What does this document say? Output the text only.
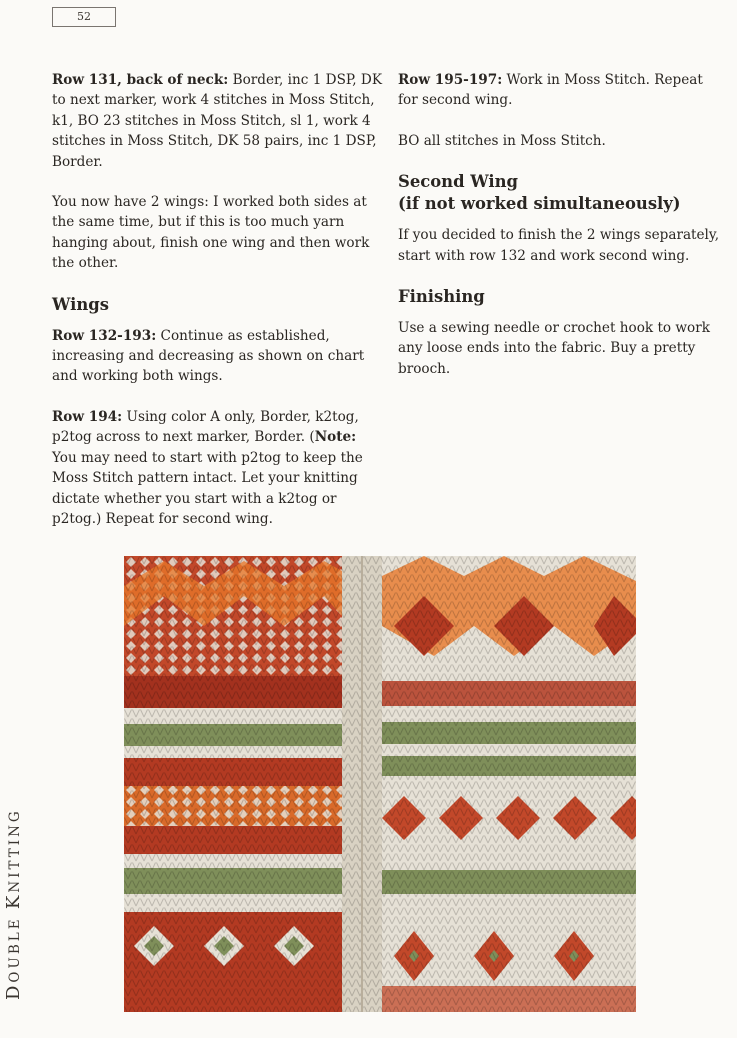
52

Row 131, back of neck: Border, inc 1 DSP, DK to next marker, work 4 stitches in Moss Stitch, k1, BO 23 stitches in Moss Stitch, sl 1, work 4 stitches in Moss Stitch, DK 58 pairs, inc 1 DSP, Border.

You now have 2 wings: I worked both sides at the same time, but if this is too much yarn hanging about, finish one wing and then work the other.

Wings

Row 132-193: Continue as established, increasing and decreasing as shown on chart and working both wings.

Row 194: Using color A only, Border, k2tog, p2tog across to next marker, Border. (Note: You may need to start with p2tog to keep the Moss Stitch pattern intact. Let your knitting dictate whether you start with a k2tog or p2tog.) Repeat for second wing.

Row 195-197: Work in Moss Stitch. Repeat for second wing.

BO all stitches in Moss Stitch.

Second Wing
(if not worked simultaneously)

If you decided to finish the 2 wings separately, start with row 132 and work second wing.

Finishing

Use a sewing needle or crochet hook to work any loose ends into the fabric. Buy a pretty brooch.

DOUBLE KNITTING
